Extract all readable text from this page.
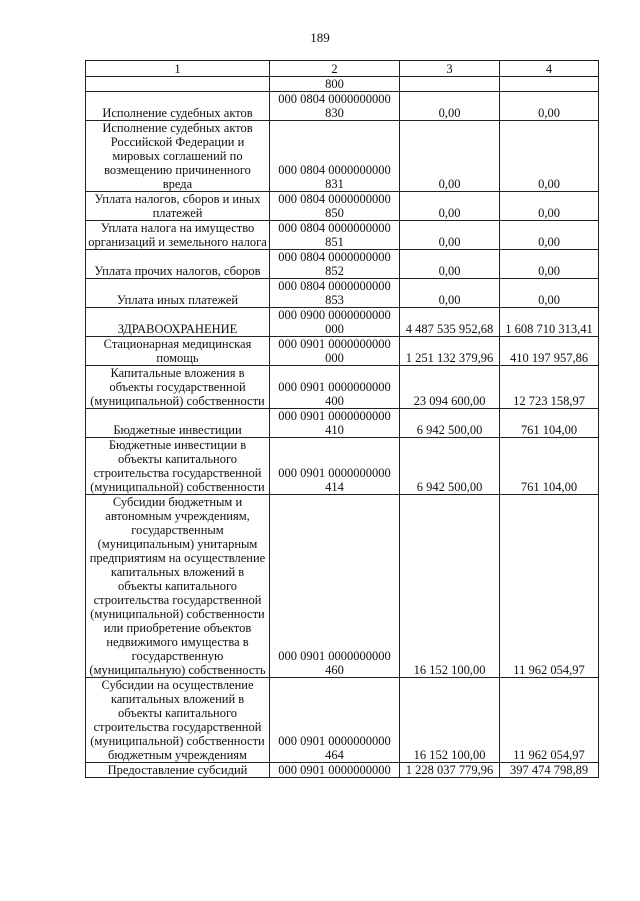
189
1	2	3	4
	800		
Исполнение судебных актов	000 0804 0000000000 830	0,00	0,00
Исполнение судебных актов Российской Федерации и мировых соглашений по возмещению причиненного вреда	000 0804 0000000000 831	0,00	0,00
Уплата налогов, сборов и иных платежей	000 0804 0000000000 850	0,00	0,00
Уплата налога на имущество организаций и земельного налога	000 0804 0000000000 851	0,00	0,00
Уплата прочих налогов, сборов	000 0804 0000000000 852	0,00	0,00
Уплата иных платежей	000 0804 0000000000 853	0,00	0,00
ЗДРАВООХРАНЕНИЕ	000 0900 0000000000 000	4 487 535 952,68	1 608 710 313,41
Стационарная медицинская помощь	000 0901 0000000000 000	1 251 132 379,96	410 197 957,86
Капитальные вложения в объекты государственной (муниципальной) собственности	000 0901 0000000000 400	23 094 600,00	12 723 158,97
Бюджетные инвестиции	000 0901 0000000000 410	6 942 500,00	761 104,00
Бюджетные инвестиции в объекты капитального строительства государственной (муниципальной) собственности	000 0901 0000000000 414	6 942 500,00	761 104,00
Субсидии бюджетным и автономным учреждениям, государственным (муниципальным) унитарным предприятиям на осуществление капитальных вложений в объекты капитального строительства государственной (муниципальной) собственности или приобретение объектов недвижимого имущества в государственную (муниципальную) собственность	000 0901 0000000000 460	16 152 100,00	11 962 054,97
Субсидии на осуществление капитальных вложений в объекты капитального строительства государственной (муниципальной) собственности бюджетным учреждениям	000 0901 0000000000 464	16 152 100,00	11 962 054,97
Предоставление субсидий	000 0901 0000000000	1 228 037 779,96	397 474 798,89
